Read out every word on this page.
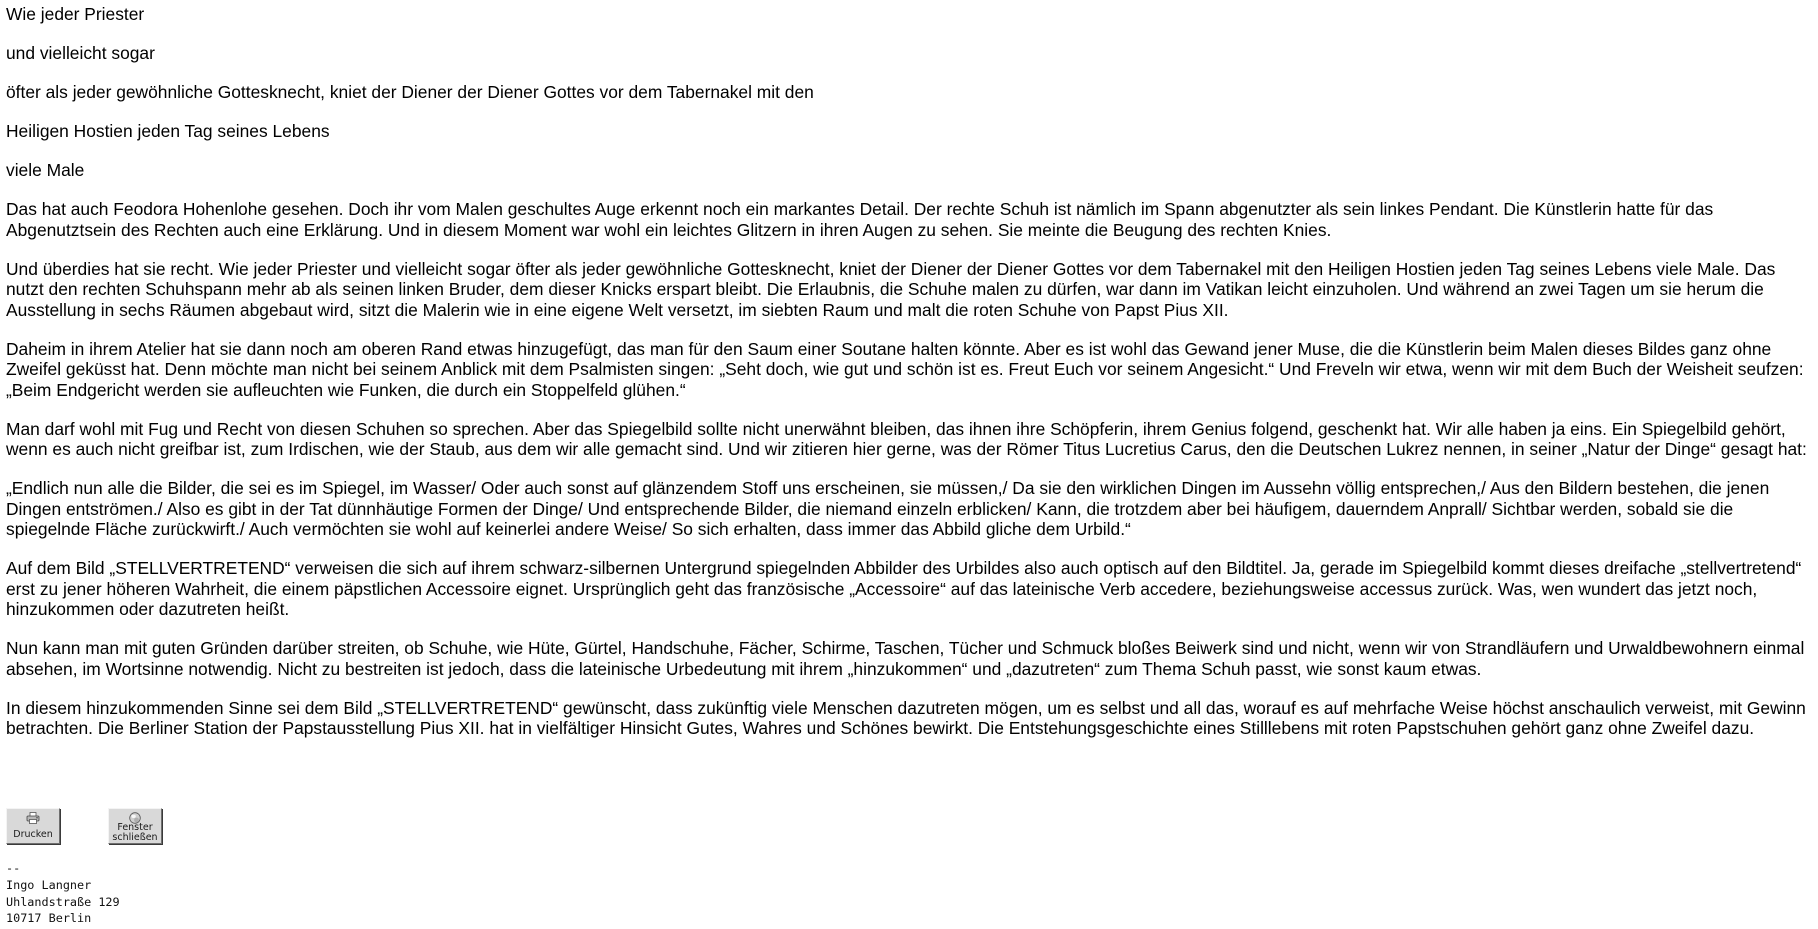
Wie jeder Priester

und vielleicht sogar

öfter als jeder gewöhnliche Gottesknecht, kniet der Diener der Diener Gottes vor dem Tabernakel mit den

Heiligen Hostien jeden Tag seines Lebens

viele Male

Das hat auch Feodora Hohenlohe gesehen. Doch ihr vom Malen geschultes Auge erkennt noch ein markantes Detail. Der rechte Schuh ist nämlich im Spann abgenutzter als sein linkes Pendant. Die Künstlerin hatte für das Abgenutztsein des Rechten auch eine Erklärung. Und in diesem Moment war wohl ein leichtes Glitzern in ihren Augen zu sehen. Sie meinte die Beugung des rechten Knies.

Und überdies hat sie recht. Wie jeder Priester und vielleicht sogar öfter als jeder gewöhnliche Gottesknecht, kniet der Diener der Diener Gottes vor dem Tabernakel mit den Heiligen Hostien jeden Tag seines Lebens viele Male. Das nutzt den rechten Schuhspann mehr ab als seinen linken Bruder, dem dieser Knicks erspart bleibt. Die Erlaubnis, die Schuhe malen zu dürfen, war dann im Vatikan leicht einzuholen. Und während an zwei Tagen um sie herum die Ausstellung in sechs Räumen abgebaut wird, sitzt die Malerin wie in eine eigene Welt versetzt, im siebten Raum und malt die roten Schuhe von Papst Pius XII.

Daheim in ihrem Atelier hat sie dann noch am oberen Rand etwas hinzugefügt, das man für den Saum einer Soutane halten könnte. Aber es ist wohl das Gewand jener Muse, die die Künstlerin beim Malen dieses Bildes ganz ohne Zweifel geküsst hat. Denn möchte man nicht bei seinem Anblick mit dem Psalmisten singen: „Seht doch, wie gut und schön ist es. Freut Euch vor seinem Angesicht.“ Und Freveln wir etwa, wenn wir mit dem Buch der Weisheit seufzen: „Beim Endgericht werden sie aufleuchten wie Funken, die durch ein Stoppelfeld glühen.“

Man darf wohl mit Fug und Recht von diesen Schuhen so sprechen. Aber das Spiegelbild sollte nicht unerwähnt bleiben, das ihnen ihre Schöpferin, ihrem Genius folgend, geschenkt hat. Wir alle haben ja eins. Ein Spiegelbild gehört, wenn es auch nicht greifbar ist, zum Irdischen, wie der Staub, aus dem wir alle gemacht sind. Und wir zitieren hier gerne, was der Römer Titus Lucretius Carus, den die Deutschen Lukrez nennen, in seiner „Natur der Dinge“ gesagt hat:

„Endlich nun alle die Bilder, die sei es im Spiegel, im Wasser/ Oder auch sonst auf glänzendem Stoff uns erscheinen, sie müssen,/ Da sie den wirklichen Dingen im Aussehn völlig entsprechen,/ Aus den Bildern bestehen, die jenen Dingen entströmen./ Also es gibt in der Tat dünnhäutige Formen der Dinge/ Und entsprechende Bilder, die niemand einzeln erblicken/ Kann, die trotzdem aber bei häufigem, dauerndem Anprall/ Sichtbar werden, sobald sie die spiegelnde Fläche zurückwirft./ Auch vermöchten sie wohl auf keinerlei andere Weise/ So sich erhalten, dass immer das Abbild gliche dem Urbild.“

Auf dem Bild „STELLVERTRETEND“ verweisen die sich auf ihrem schwarz-silbernen Untergrund spiegelnden Abbilder des Urbildes also auch optisch auf den Bildtitel. Ja, gerade im Spiegelbild kommt dieses dreifache „stellvertretend“ erst zu jener höheren Wahrheit, die einem päpstlichen Accessoire eignet. Ursprünglich geht das französische „Accessoire“ auf das lateinische Verb accedere, beziehungsweise accessus zurück. Was, wen wundert das jetzt noch, hinzukommen oder dazutreten heißt.

Nun kann man mit guten Gründen darüber streiten, ob Schuhe, wie Hüte, Gürtel, Handschuhe, Fächer, Schirme, Taschen, Tücher und Schmuck bloßes Beiwerk sind und nicht, wenn wir von Strandläufern und Urwaldbewohnern einmal absehen, im Wortsinne notwendig. Nicht zu bestreiten ist jedoch, dass die lateinische Urbedeutung mit ihrem „hinzukommen“ und „dazutreten“ zum Thema Schuh passt, wie sonst kaum etwas.

In diesem hinzukommenden Sinne sei dem Bild „STELLVERTRETEND“ gewünscht, dass zukünftig viele Menschen dazutreten mögen, um es selbst und all das, worauf es auf mehrfache Weise höchst anschaulich verweist, mit Gewinn betrachten. Die Berliner Station der Papstausstellung Pius XII. hat in vielfältiger Hinsicht Gutes, Wahres und Schönes bewirkt. Die Entstehungsgeschichte eines Stilllebens mit roten Papstschuhen gehört ganz ohne Zweifel dazu.

Drucken
Fenster
schließen
--
Ingo Langner
Uhlandstraße 129
10717 Berlin
